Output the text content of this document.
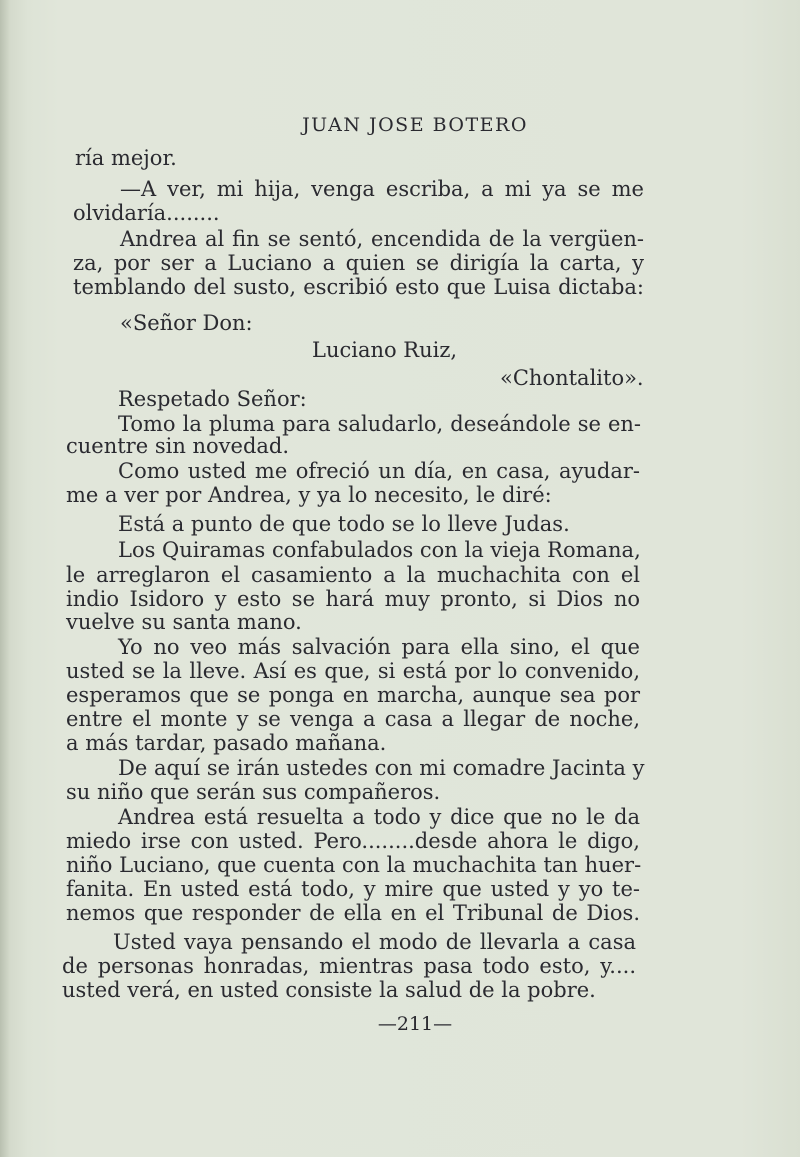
JUAN JOSE BOTERO
ría mejor.
—A ver, mi hija, venga escriba, a mi ya se me
olvidaría........
Andrea al fin se sentó, encendida de la vergüen-
za, por ser a Luciano a quien se dirigía la carta, y
temblando del susto, escribió esto que Luisa dictaba:
«Señor Don:
Luciano Ruiz,
«Chontalito».
Respetado Señor:
Tomo la pluma para saludarlo, deseándole se en-
cuentre sin novedad.
Como usted me ofreció un día, en casa, ayudar-
me a ver por Andrea, y ya lo necesito, le diré:
Está a punto de que todo se lo lleve Judas.
Los Quiramas confabulados con la vieja Romana,
le arreglaron el casamiento a la muchachita con el
indio Isidoro y esto se hará muy pronto, si Dios no
vuelve su santa mano.
Yo no veo más salvación para ella sino, el que
usted se la lleve. Así es que, si está por lo convenido,
esperamos que se ponga en marcha, aunque sea por
entre el monte y se venga a casa a llegar de noche,
a más tardar, pasado mañana.
De aquí se irán ustedes con mi comadre Jacinta y
su niño que serán sus compañeros.
Andrea está resuelta a todo y dice que no le da
miedo irse con usted. Pero........desde ahora le digo,
niño Luciano, que cuenta con la muchachita tan huer-
fanita. En usted está todo, y mire que usted y yo te-
nemos que responder de ella en el Tribunal de Dios.
Usted vaya pensando el modo de llevarla a casa
de personas honradas, mientras pasa todo esto, y....
usted verá, en usted consiste la salud de la pobre.
—211—
